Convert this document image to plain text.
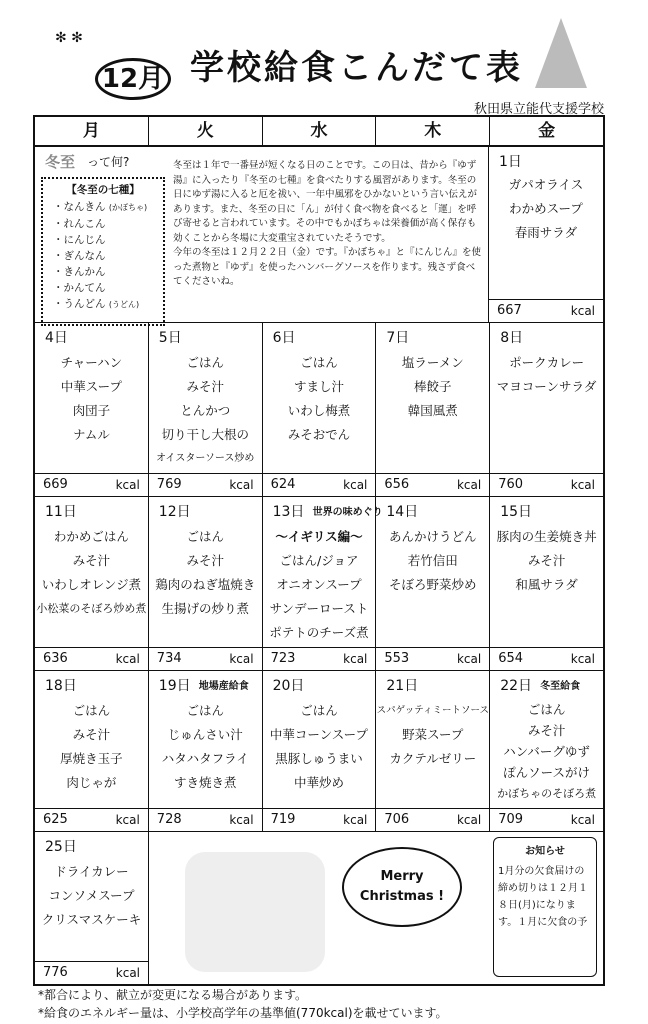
12月 学校給食こんだて表
秋田県立能代支援学校
✻ ✻
月	火	水	木	金
冬至 って何?
【冬至の七種】
・なんきん (かぼちゃ)
・れんこん
・にんじん
・ぎんなん
・きんかん
・かんてん
・うんどん (うどん)
冬至は１年で一番昼が短くなる日のことです。この日は、昔から『ゆず湯』に入ったり『冬至の七種』を食べたりする風習があります。冬至の日にゆず湯に入ると厄を祓い、一年中風邪をひかないという言い伝えがあります。また、冬至の日に「ん」が付く食べ物を食べると「運」を呼び寄せると言われています。その中でもかぼちゃは栄養価が高く保存も効くことから冬場に大変重宝されていたそうです。
今年の冬至は１２月２２日（金）です。『かぼちゃ』と『にんじん』を使った煮物と『ゆず』を使ったハンバーグソースを作ります。残さず食べてくださいね。
1日
ガパオライス
わかめスープ
春雨サラダ
667	kcal
4日
チャーハン
中華スープ
肉団子
ナムル
5日
ごはん
みそ汁
とんかつ
切り干し大根の
オイスターソース炒め
6日
ごはん
すまし汁
いわし梅煮
みそおでん
7日
塩ラーメン
棒餃子
韓国風煮
8日
ポークカレー
マヨコーンサラダ
669	kcal 769	kcal 624	kcal 656	kcal 760	kcal
11日
わかめごはん
みそ汁
いわしオレンジ煮
小松菜のそぼろ炒め煮
12日
ごはん
みそ汁
鶏肉のねぎ塩焼き
生揚げの炒り煮
13日 世界の味めぐり
～イギリス編～
ごはん/ジョア
オニオンスープ
サンデーロースト
ポテトのチーズ煮
14日
あんかけうどん
若竹信田
そぼろ野菜炒め
15日
豚肉の生姜焼き丼
みそ汁
和風サラダ
636	kcal 734	kcal 723	kcal 553	kcal 654	kcal
18日
ごはん
みそ汁
厚焼き玉子
肉じゃが
19日 地場産給食
ごはん
じゅんさい汁
ハタハタフライ
すき焼き煮
20日
ごはん
中華コーンスープ
黒豚しゅうまい
中華炒め
21日
スパゲッティミートソース
野菜スープ
カクテルゼリー
22日 冬至給食
ごはん
みそ汁
ハンバーグゆず
ぽんソースがけ
かぼちゃのそぼろ煮
625	kcal 728	kcal 719	kcal 706	kcal 709	kcal
25日
ドライカレー
コンソメスープ
クリスマスケーキ
776	kcal
Merry
Christmas !
お知らせ
1月分の欠食届けの締め切りは１２月１８日(月)になります。１月に欠食の予
*都合により、献立が変更になる場合があります。
*給食のエネルギー量は、小学校高学年の基準値(770kcal)を載せています。
